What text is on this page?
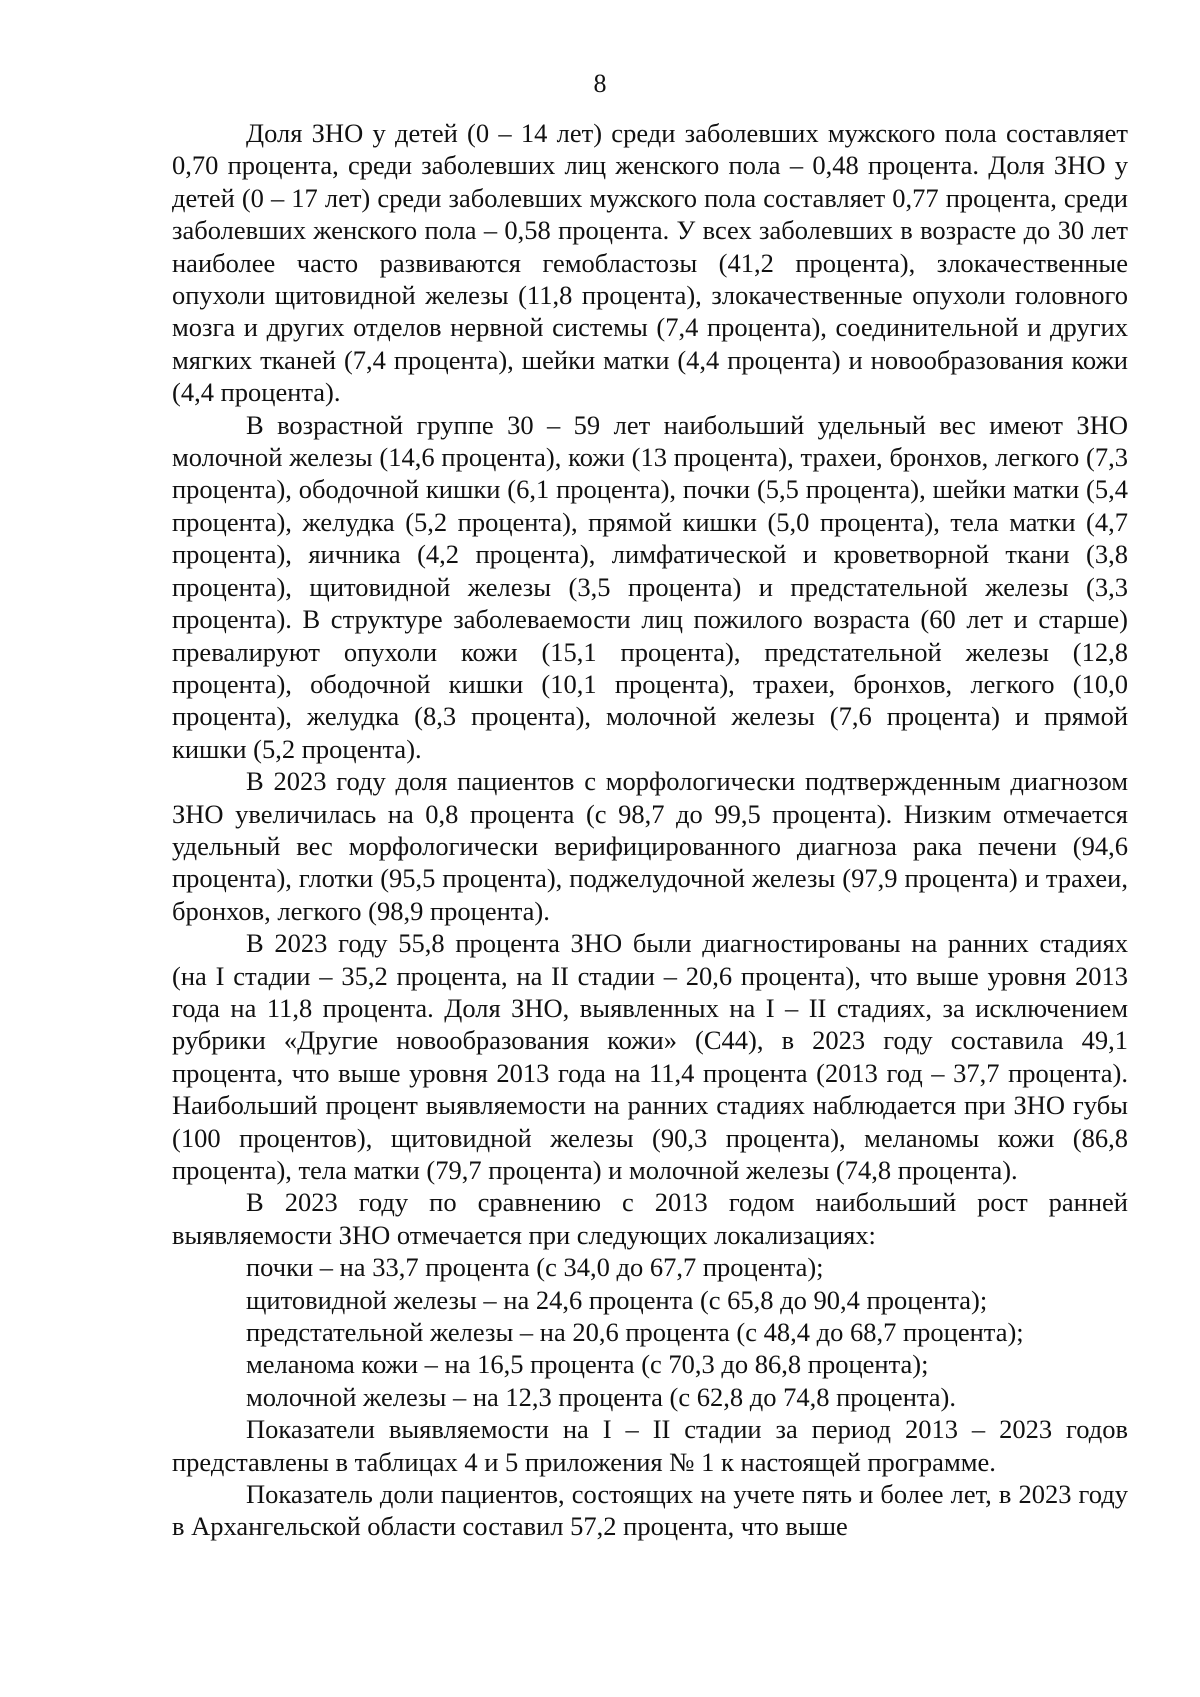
8

Доля ЗНО у детей (0 – 14 лет) среди заболевших мужского пола составляет 0,70 процента, среди заболевших лиц женского пола – 0,48 процента. Доля ЗНО у детей (0 – 17 лет) среди заболевших мужского пола составляет 0,77 процента, среди заболевших женского пола – 0,58 процента. У всех заболевших в возрасте до 30 лет наиболее часто развиваются гемобластозы (41,2 процента), злокачественные опухоли щитовидной железы (11,8 процента), злокачественные опухоли головного мозга и других отделов нервной системы (7,4 процента), соединительной и других мягких тканей (7,4 процента), шейки матки (4,4 процента) и новообразования кожи (4,4 процента).

В возрастной группе 30 – 59 лет наибольший удельный вес имеют ЗНО молочной железы (14,6 процента), кожи (13 процента), трахеи, бронхов, легкого (7,3 процента), ободочной кишки (6,1 процента), почки (5,5 процента), шейки матки (5,4 процента), желудка (5,2 процента), прямой кишки (5,0 процента), тела матки (4,7 процента), яичника (4,2 процента), лимфатической и кроветворной ткани (3,8 процента), щитовидной железы (3,5 процента) и предстательной железы (3,3 процента). В структуре заболеваемости лиц пожилого возраста (60 лет и старше) превалируют опухоли кожи (15,1 процента), предстательной железы (12,8 процента), ободочной кишки (10,1 процента), трахеи, бронхов, легкого (10,0 процента), желудка (8,3 процента), молочной железы (7,6 процента) и прямой кишки (5,2 процента).

В 2023 году доля пациентов с морфологически подтвержденным диагнозом ЗНО увеличилась на 0,8 процента (с 98,7 до 99,5 процента). Низким отмечается удельный вес морфологически верифицированного диагноза рака печени (94,6 процента), глотки (95,5 процента), поджелудочной железы (97,9 процента) и трахеи, бронхов, легкого (98,9 процента).

В 2023 году 55,8 процента ЗНО были диагностированы на ранних стадиях (на I стадии – 35,2 процента, на II стадии – 20,6 процента), что выше уровня 2013 года на 11,8 процента. Доля ЗНО, выявленных на I – II стадиях, за исключением рубрики «Другие новообразования кожи» (С44), в 2023 году составила 49,1 процента, что выше уровня 2013 года на 11,4 процента (2013 год – 37,7 процента). Наибольший процент выявляемости на ранних стадиях наблюдается при ЗНО губы (100 процентов), щитовидной железы (90,3 процента), меланомы кожи (86,8 процента), тела матки (79,7 процента) и молочной железы (74,8 процента).

В 2023 году по сравнению с 2013 годом наибольший рост ранней выявляемости ЗНО отмечается при следующих локализациях:

почки – на 33,7 процента (с 34,0 до 67,7 процента);

щитовидной железы – на 24,6 процента (с 65,8 до 90,4 процента);

предстательной железы – на 20,6 процента (с 48,4 до 68,7 процента);

меланома кожи – на 16,5 процента (с 70,3 до 86,8 процента);

молочной железы – на 12,3 процента (с 62,8 до 74,8 процента).

Показатели выявляемости на I – II стадии за период 2013 – 2023 годов представлены в таблицах 4 и 5 приложения № 1 к настоящей программе.

Показатель доли пациентов, состоящих на учете пять и более лет, в 2023 году в Архангельской области составил 57,2 процента, что выше
